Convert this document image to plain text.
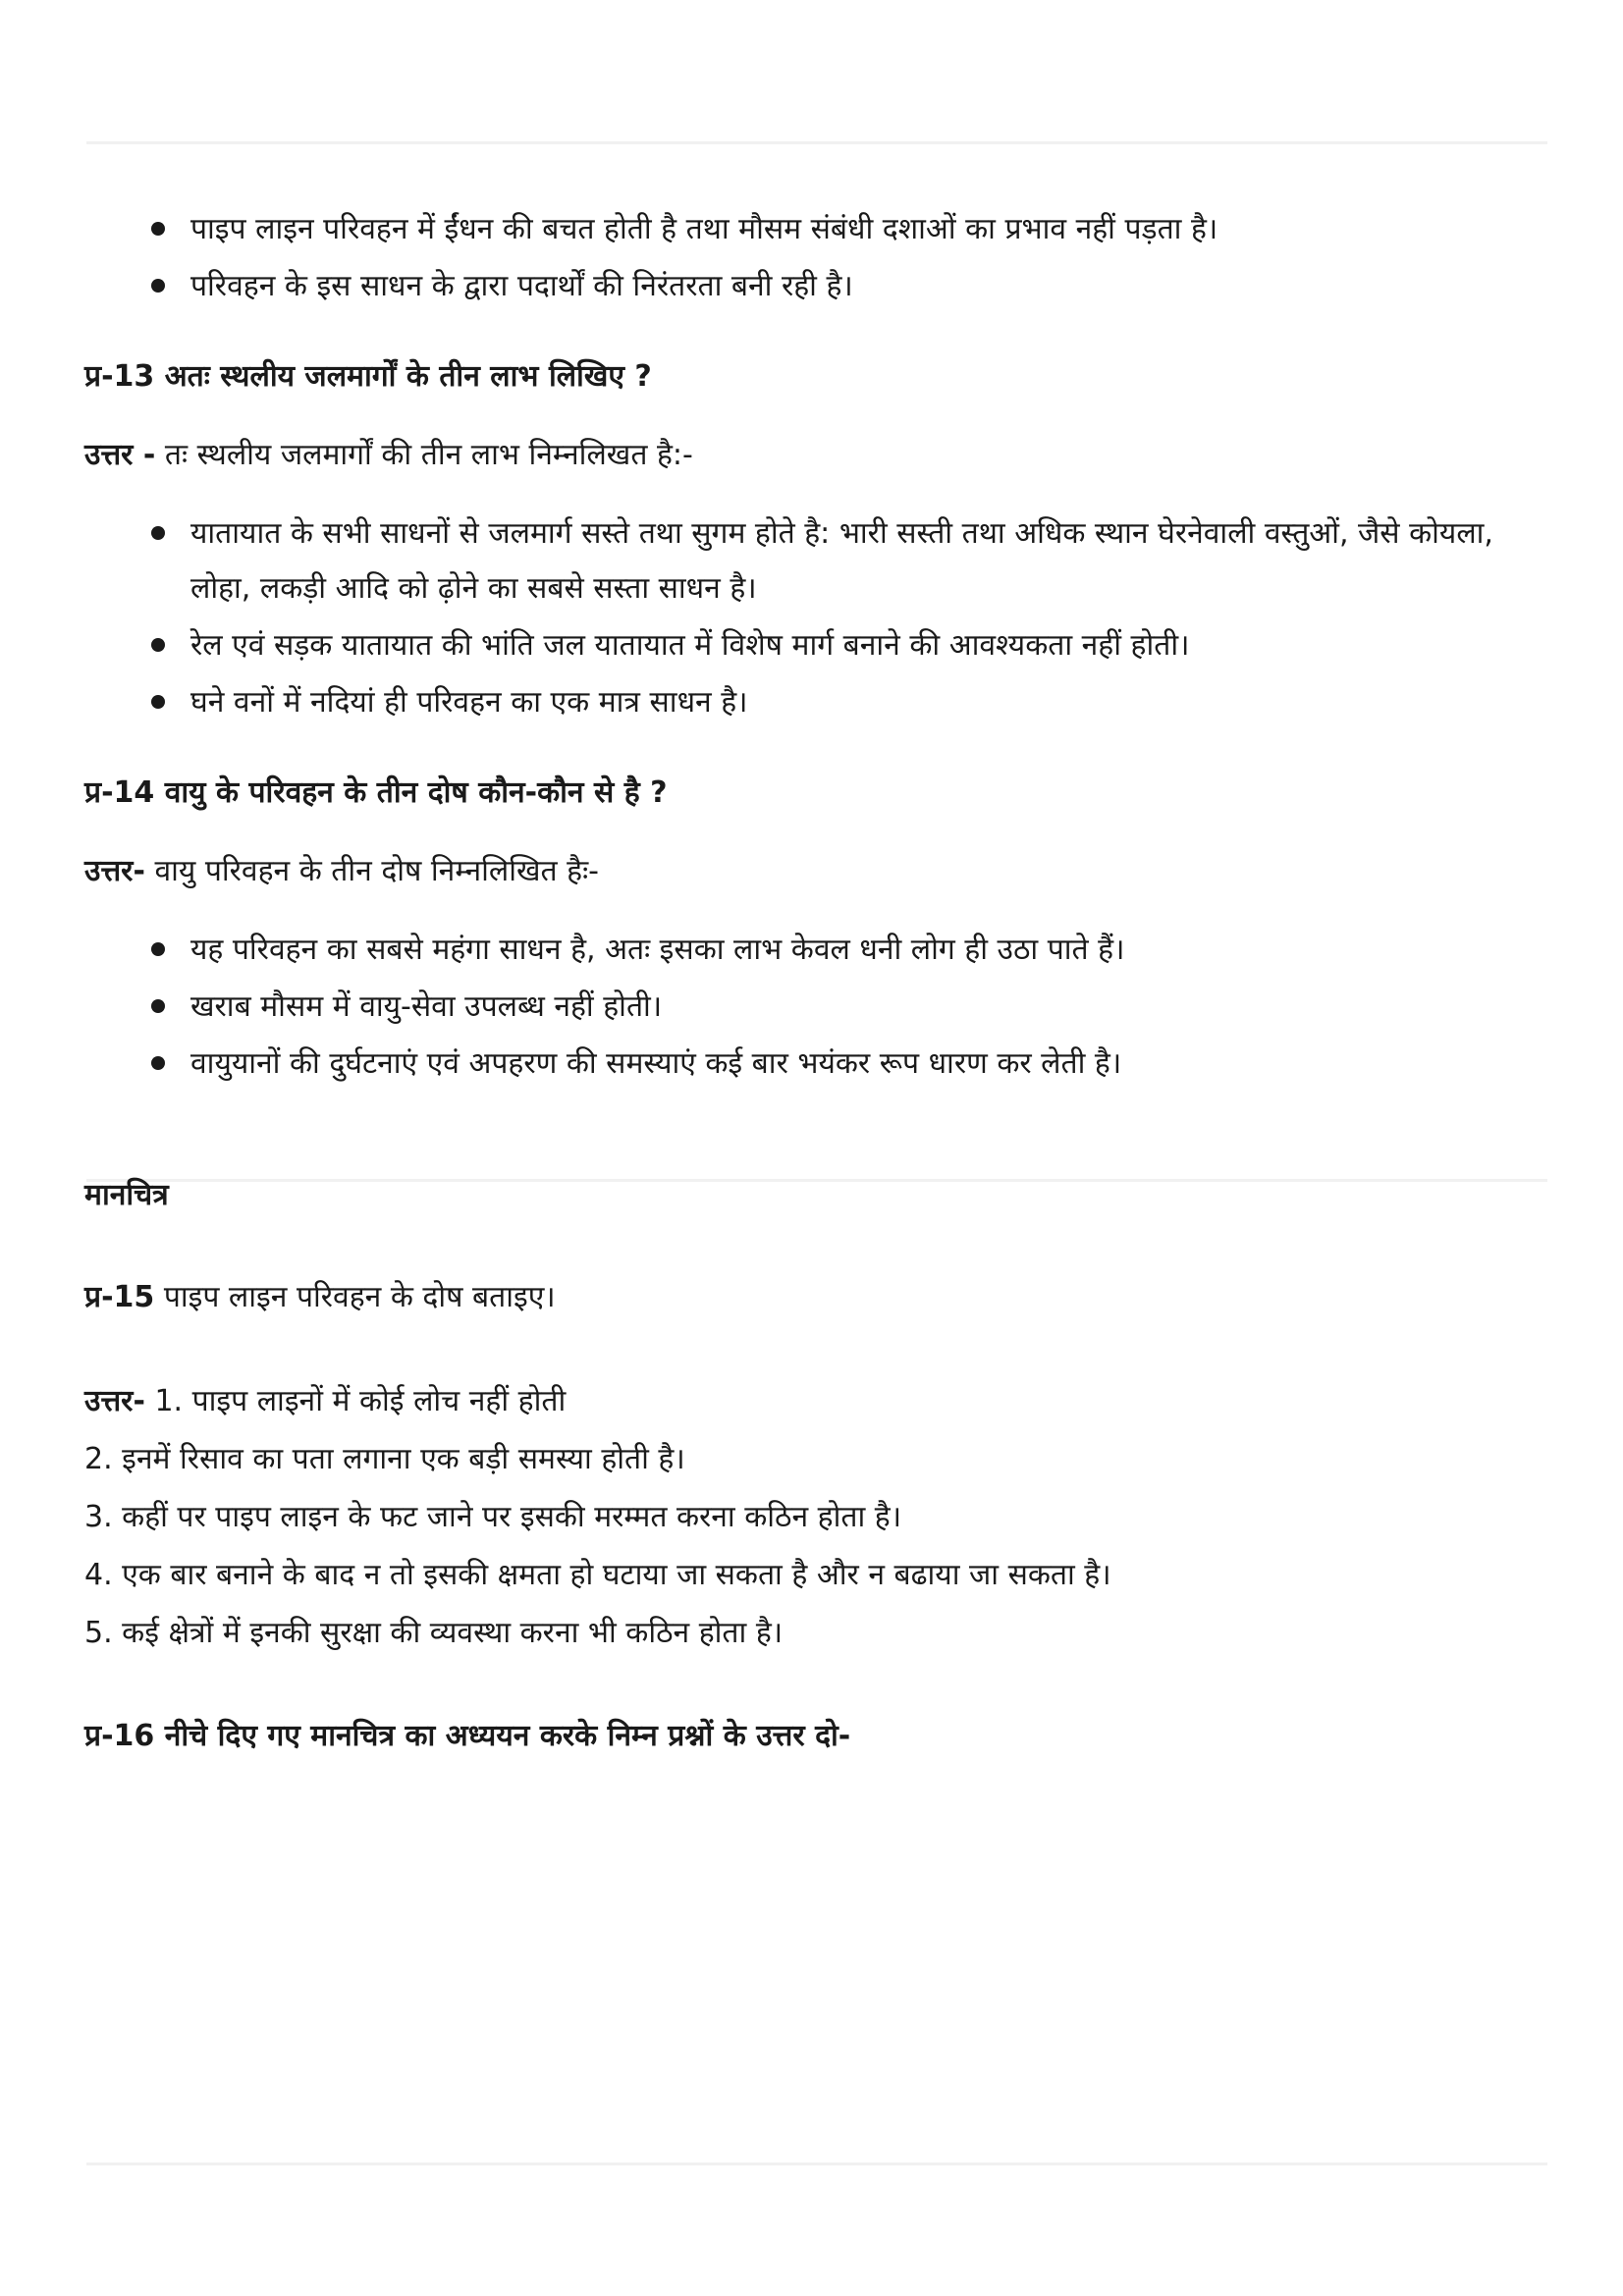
पाइप लाइन परिवहन में ईंधन की बचत होती है तथा मौसम संबंधी दशाओं का प्रभाव नहीं पड़ता है।
परिवहन के इस साधन के द्वारा पदार्थों की निरंतरता बनी रही है।

प्र-13 अतः स्थलीय जलमार्गों के तीन लाभ लिखिए ?

उत्तर - तः स्थलीय जलमार्गों की तीन लाभ निम्नलिखत है:-

यातायात के सभी साधनों से जलमार्ग सस्ते तथा सुगम होते है: भारी सस्ती तथा अधिक स्थान घेरनेवाली वस्तुओं, जैसे कोयला, लोहा, लकड़ी आदि को ढ़ोने का सबसे सस्ता साधन है।
रेल एवं सड़क यातायात की भांति जल यातायात में विशेष मार्ग बनाने की आवश्यकता नहीं होती।
घने वनों में नदियां ही परिवहन का एक मात्र साधन है।

प्र-14 वायु के परिवहन के तीन दोष कौन-कौन से है ?

उत्तर- वायु परिवहन के तीन दोष निम्नलिखित हैः-

यह परिवहन का सबसे महंगा साधन है, अतः इसका लाभ केवल धनी लोग ही उठा पाते हैं।
खराब मौसम में वायु-सेवा उपलब्ध नहीं होती।
वायुयानों की दुर्घटनाएं एवं अपहरण की समस्याएं कई बार भयंकर रूप धारण कर लेती है।

मानचित्र

प्र-15 पाइप लाइन परिवहन के दोष बताइए।

उत्तर- 1. पाइप लाइनों में कोई लोच नहीं होती

2. इनमें रिसाव का पता लगाना एक बड़ी समस्या होती है।

3. कहीं पर पाइप लाइन के फट जाने पर इसकी मरम्मत करना कठिन होता है।

4. एक बार बनाने के बाद न तो इसकी क्षमता हो घटाया जा सकता है और न बढाया जा सकता है।

5. कई क्षेत्रों में इनकी सुरक्षा की व्यवस्था करना भी कठिन होता है।

प्र-16 नीचे दिए गए मानचित्र का अध्ययन करके निम्न प्रश्नों के उत्तर दो-
